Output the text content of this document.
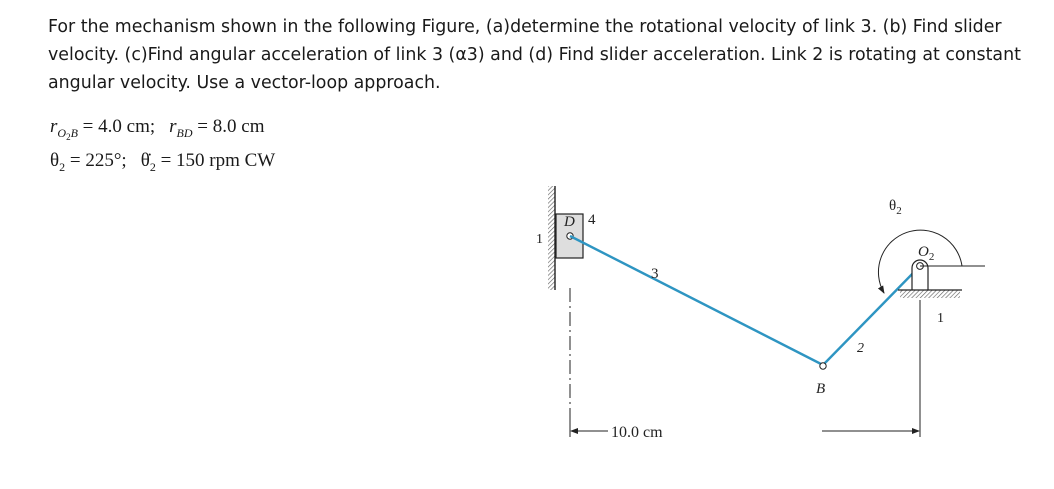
For the mechanism shown in the following Figure, (a)determine the rotational velocity of link 3. (b) Find slider velocity. (c)Find angular acceleration of link 3 (α3) and (d) Find slider acceleration. Link 2 is rotating at constant angular velocity. Use a vector-loop approach.

$r_{O_2B} = 4.0$ cm; $r_{BD} = 8.0$ cm
$\theta_2 = 225^\circ$; $\thetȧ_2 = 150$ rpm CW
D 4
1
3
$\theta_2$
$O_2$
1
2
B
10.0 cm
